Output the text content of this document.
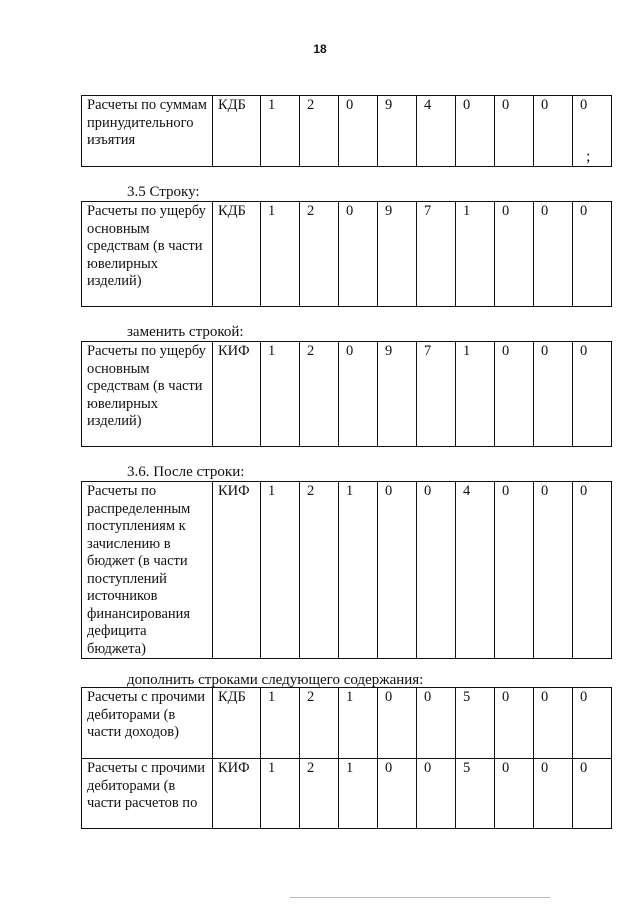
18
Расчеты по суммам принудительного изъятия	КДБ	1	2	0	9	4	0	0	0	0
;
3.5 Строку:
Расчеты по ущербу основным средствам (в части ювелирных изделий)	КДБ	1	2	0	9	7	1	0	0	0
заменить строкой:
Расчеты по ущербу основным средствам (в части ювелирных изделий)	КИФ	1	2	0	9	7	1	0	0	0
3.6. После строки:
Расчеты по распределенным поступлениям к зачислению в бюджет (в части поступлений источников финансирования дефицита бюджета)	КИФ	1	2	1	0	0	4	0	0	0
дополнить строками следующего содержания:
Расчеты с прочими дебиторами (в части доходов)	КДБ	1	2	1	0	0	5	0	0	0
Расчеты с прочими дебиторами (в части расчетов по	КИФ	1	2	1	0	0	5	0	0	0
